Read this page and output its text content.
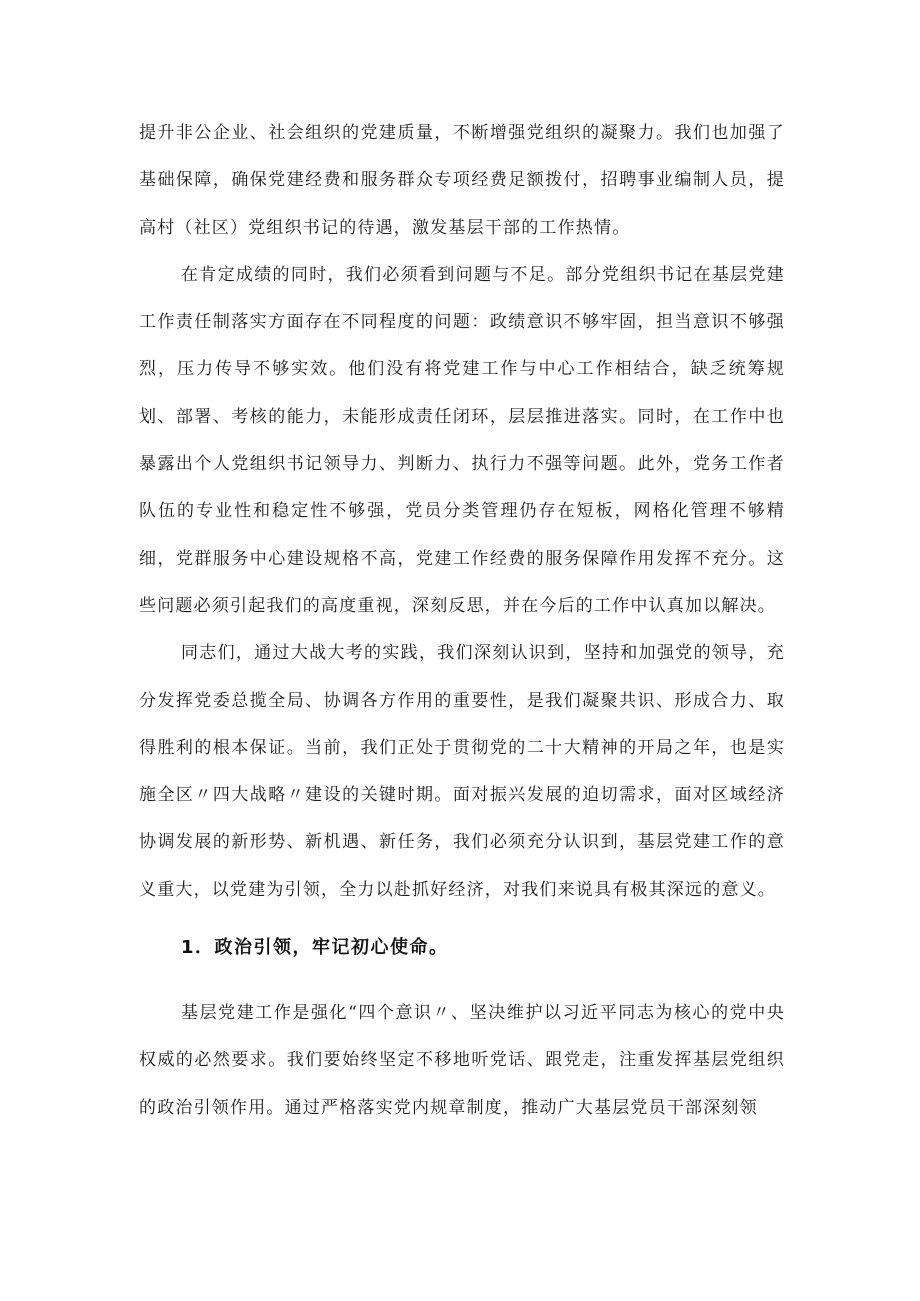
提升非公企业、社会组织的党建质量，不断增强党组织的凝聚力。我们也加强了基础保障，确保党建经费和服务群众专项经费足额拨付，招聘事业编制人员，提高村（社区）党组织书记的待遇，激发基层干部的工作热情。

在肯定成绩的同时，我们必须看到问题与不足。部分党组织书记在基层党建工作责任制落实方面存在不同程度的问题：政绩意识不够牢固，担当意识不够强烈，压力传导不够实效。他们没有将党建工作与中心工作相结合，缺乏统筹规划、部署、考核的能力，未能形成责任闭环，层层推进落实。同时，在工作中也暴露出个人党组织书记领导力、判断力、执行力不强等问题。此外，党务工作者队伍的专业性和稳定性不够强，党员分类管理仍存在短板，网格化管理不够精细，党群服务中心建设规格不高，党建工作经费的服务保障作用发挥不充分。这些问题必须引起我们的高度重视，深刻反思，并在今后的工作中认真加以解决。

同志们，通过大战大考的实践，我们深刻认识到，坚持和加强党的领导，充分发挥党委总揽全局、协调各方作用的重要性，是我们凝聚共识、形成合力、取得胜利的根本保证。当前，我们正处于贯彻党的二十大精神的开局之年，也是实施全区〃四大战略〃建设的关键时期。面对振兴发展的迫切需求，面对区域经济协调发展的新形势、新机遇、新任务，我们必须充分认识到，基层党建工作的意义重大，以党建为引领，全力以赴抓好经济，对我们来说具有极其深远的意义。

1．政治引领，牢记初心使命。

基层党建工作是强化“四个意识〃、坚决维护以习近平同志为核心的党中央权威的必然要求。我们要始终坚定不移地听党话、跟党走，注重发挥基层党组织的政治引领作用。通过严格落实党内规章制度，推动广大基层党员干部深刻领
